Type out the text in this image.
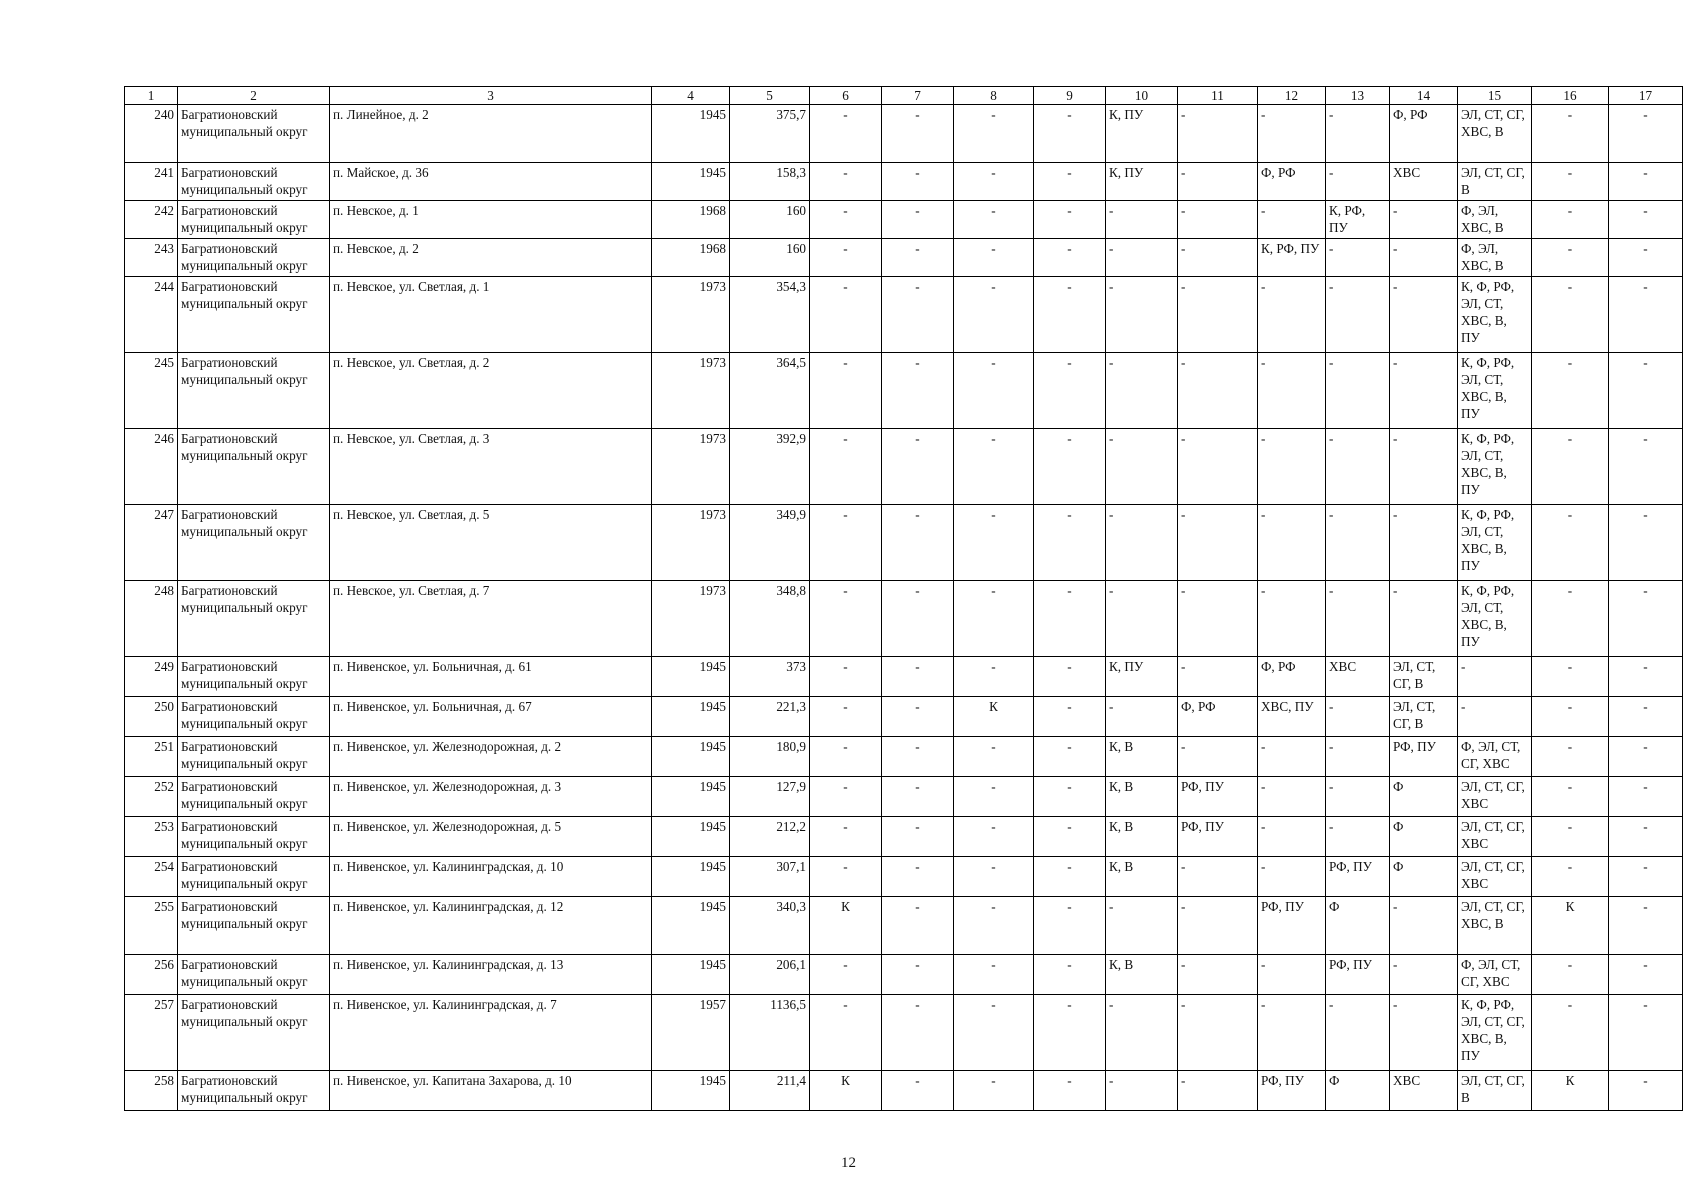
1	2	3	4	5	6	7	8	9	10	11	12	13	14	15	16	17
240	Багратионовский муниципальный округ	п. Линейное, д. 2	1945	375,7	-	-	-	-	К, ПУ	-	-	-	Ф, РФ	ЭЛ, СТ, СГ, ХВС, В	-	-
241	Багратионовский муниципальный округ	п. Майское, д. 36	1945	158,3	-	-	-	-	К, ПУ	-	Ф, РФ	-	ХВС	ЭЛ, СТ, СГ, В	-	-
242	Багратионовский муниципальный округ	п. Невское, д. 1	1968	160	-	-	-	-	-	-	-	К, РФ, ПУ	-	Ф, ЭЛ, ХВС, В	-	-
243	Багратионовский муниципальный округ	п. Невское, д. 2	1968	160	-	-	-	-	-	-	К, РФ, ПУ	-	-	Ф, ЭЛ, ХВС, В	-	-
244	Багратионовский муниципальный округ	п. Невское, ул. Светлая, д. 1	1973	354,3	-	-	-	-	-	-	-	-	-	К, Ф, РФ, ЭЛ, СТ, ХВС, В, ПУ	-	-
245	Багратионовский муниципальный округ	п. Невское, ул. Светлая, д. 2	1973	364,5	-	-	-	-	-	-	-	-	-	К, Ф, РФ, ЭЛ, СТ, ХВС, В, ПУ	-	-
246	Багратионовский муниципальный округ	п. Невское, ул. Светлая, д. 3	1973	392,9	-	-	-	-	-	-	-	-	-	К, Ф, РФ, ЭЛ, СТ, ХВС, В, ПУ	-	-
247	Багратионовский муниципальный округ	п. Невское, ул. Светлая, д. 5	1973	349,9	-	-	-	-	-	-	-	-	-	К, Ф, РФ, ЭЛ, СТ, ХВС, В, ПУ	-	-
248	Багратионовский муниципальный округ	п. Невское, ул. Светлая, д. 7	1973	348,8	-	-	-	-	-	-	-	-	-	К, Ф, РФ, ЭЛ, СТ, ХВС, В, ПУ	-	-
249	Багратионовский муниципальный округ	п. Нивенское, ул. Больничная, д. 61	1945	373	-	-	-	-	К, ПУ	-	Ф, РФ	ХВС	ЭЛ, СТ, СГ, В	-	-	-
250	Багратионовский муниципальный округ	п. Нивенское, ул. Больничная, д. 67	1945	221,3	-	-	К	-	-	Ф, РФ	ХВС, ПУ	-	ЭЛ, СТ, СГ, В	-	-	-
251	Багратионовский муниципальный округ	п. Нивенское, ул. Железнодорожная, д. 2	1945	180,9	-	-	-	-	К, В	-	-	-	РФ, ПУ	Ф, ЭЛ, СТ, СГ, ХВС	-	-
252	Багратионовский муниципальный округ	п. Нивенское, ул. Железнодорожная, д. 3	1945	127,9	-	-	-	-	К, В	РФ, ПУ	-	-	Ф	ЭЛ, СТ, СГ, ХВС	-	-
253	Багратионовский муниципальный округ	п. Нивенское, ул. Железнодорожная, д. 5	1945	212,2	-	-	-	-	К, В	РФ, ПУ	-	-	Ф	ЭЛ, СТ, СГ, ХВС	-	-
254	Багратионовский муниципальный округ	п. Нивенское, ул. Калининградская, д. 10	1945	307,1	-	-	-	-	К, В	-	-	РФ, ПУ	Ф	ЭЛ, СТ, СГ, ХВС	-	-
255	Багратионовский муниципальный округ	п. Нивенское, ул. Калининградская, д. 12	1945	340,3	К	-	-	-	-	-	РФ, ПУ	Ф	-	ЭЛ, СТ, СГ, ХВС, В	К	-
256	Багратионовский муниципальный округ	п. Нивенское, ул. Калининградская, д. 13	1945	206,1	-	-	-	-	К, В	-	-	РФ, ПУ	-	Ф, ЭЛ, СТ, СГ, ХВС	-	-
257	Багратионовский муниципальный округ	п. Нивенское, ул. Калининградская, д. 7	1957	1136,5	-	-	-	-	-	-	-	-	-	К, Ф, РФ, ЭЛ, СТ, СГ, ХВС, В, ПУ	-	-
258	Багратионовский муниципальный округ	п. Нивенское, ул. Капитана Захарова, д. 10	1945	211,4	К	-	-	-	-	-	РФ, ПУ	Ф	ХВС	ЭЛ, СТ, СГ, В	К	-
12
